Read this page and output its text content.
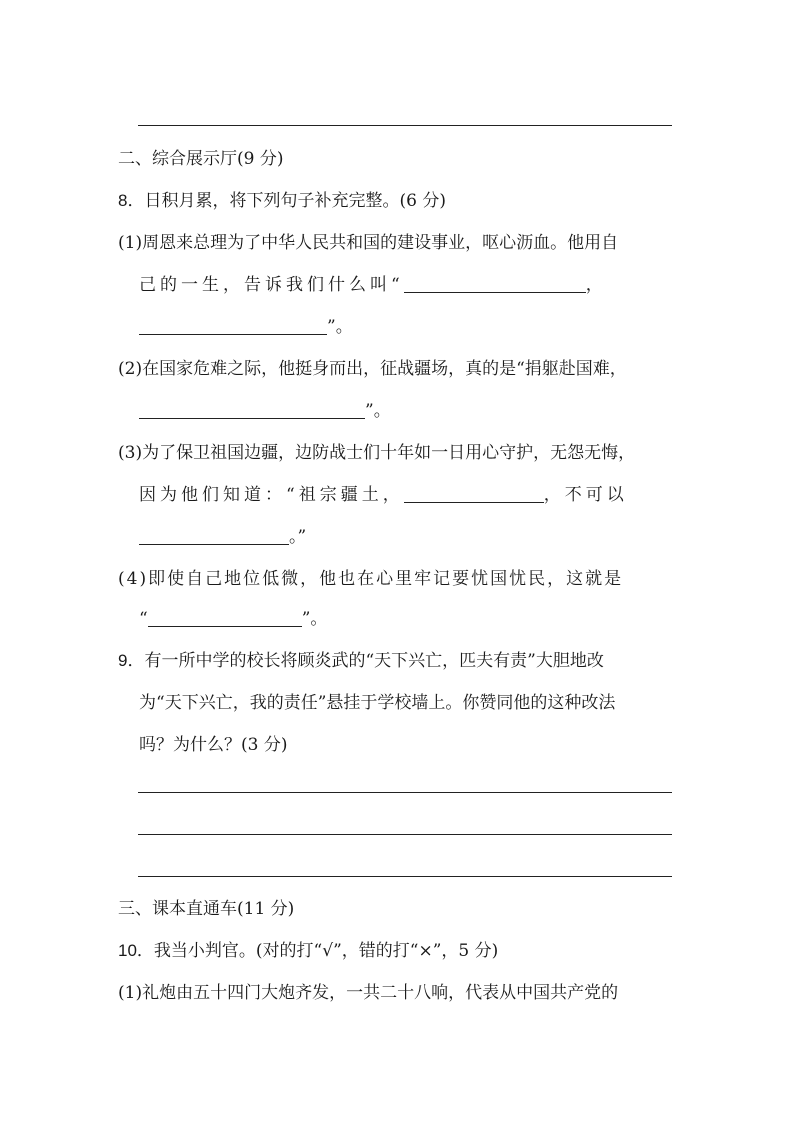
二、综合展示厅(9 分)
8．日积月累，将下列句子补充完整。(6 分)
(1)周恩来总理为了中华人民共和国的建设事业，呕心沥血。他用自
己的一生，告诉我们什么叫“	，
”。
(2)在国家危难之际，他挺身而出，征战疆场，真的是“捐躯赴国难，
”。
(3)为了保卫祖国边疆，边防战士们十年如一日用心守护，无怨无悔，
因为他们知道：“祖宗疆土，	，不可以
。”
(4)即使自己地位低微，他也在心里牢记要忧国忧民，这就是
“	”。
9．有一所中学的校长将顾炎武的“天下兴亡，匹夫有责”大胆地改
为“天下兴亡，我的责任”悬挂于学校墙上。你赞同他的这种改法
吗？为什么？(3 分)
三、课本直通车(11 分)
10．我当小判官。(对的打“√”，错的打“×”，5 分)
(1)礼炮由五十四门大炮齐发，一共二十八响，代表从中国共产党的
